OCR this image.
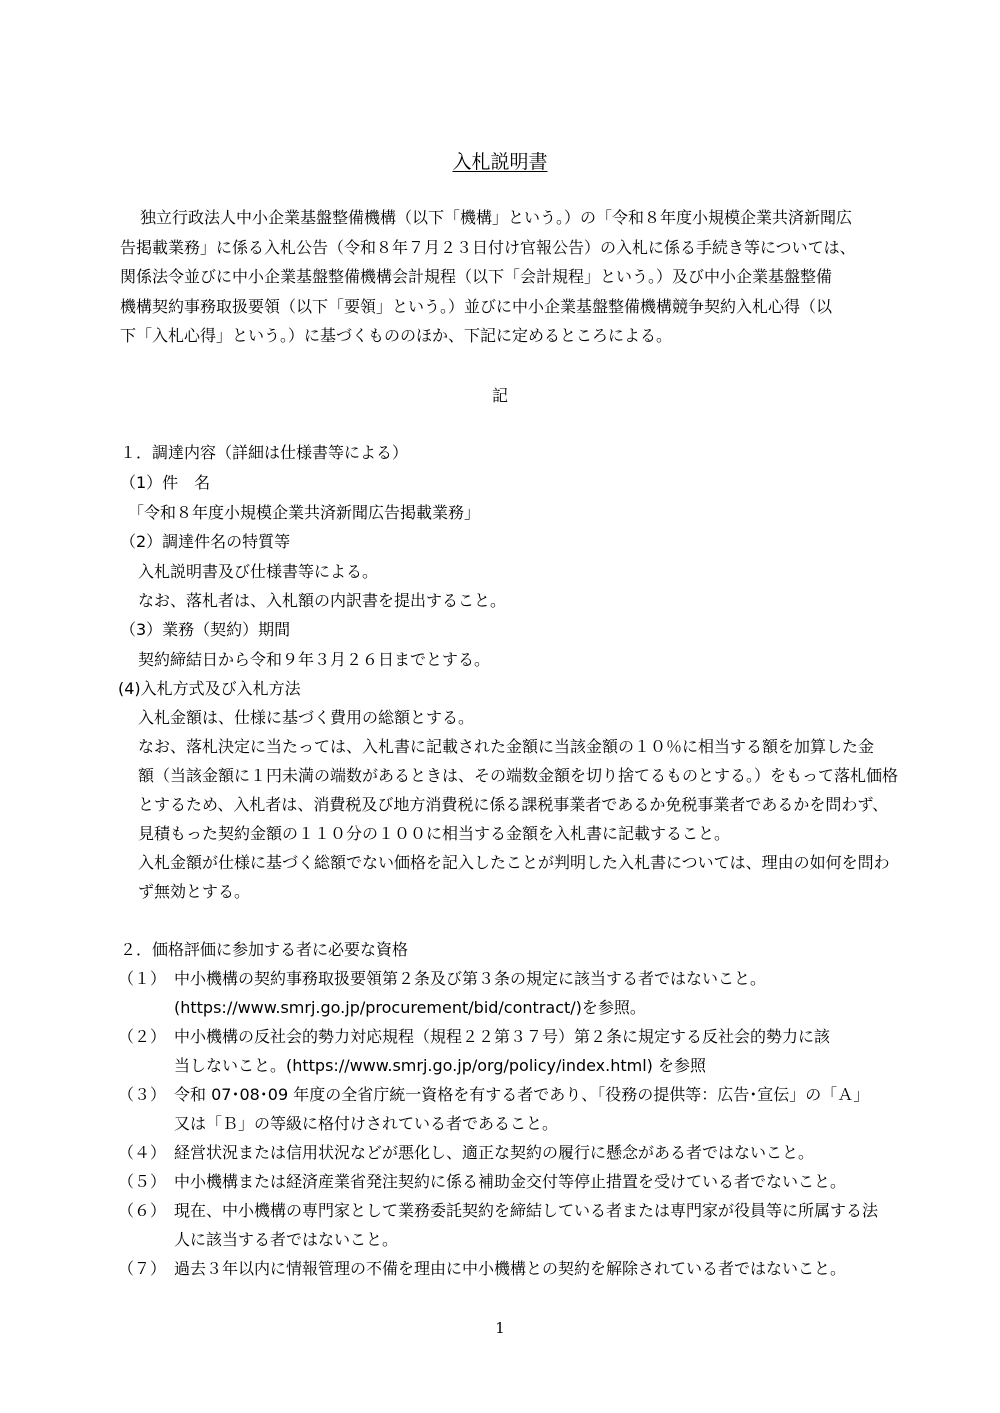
入札説明書
独立行政法人中小企業基盤整備機構（以下「機構」という。）の「令和８年度小規模企業共済新聞広
告掲載業務」に係る入札公告（令和８年７月２３日付け官報公告）の入札に係る手続き等については、
関係法令並びに中小企業基盤整備機構会計規程（以下「会計規程」という。）及び中小企業基盤整備
機構契約事務取扱要領（以下「要領」という。）並びに中小企業基盤整備機構競争契約入札心得（以
下「入札心得」という。）に基づくもののほか、下記に定めるところによる。
記
１．調達内容（詳細は仕様書等による）
（1）件　名
「令和８年度小規模企業共済新聞広告掲載業務」
（2）調達件名の特質等
入札説明書及び仕様書等による。
なお、落札者は、入札額の内訳書を提出すること。
（3）業務（契約）期間
契約締結日から令和９年３月２６日までとする。
(4)入札方式及び入札方法
入札金額は、仕様に基づく費用の総額とする。
なお、落札決定に当たっては、入札書に記載された金額に当該金額の１０％に相当する額を加算した金
額（当該金額に１円未満の端数があるときは、その端数金額を切り捨てるものとする。）をもって落札価格
とするため、入札者は、消費税及び地方消費税に係る課税事業者であるか免税事業者であるかを問わず、
見積もった契約金額の１１０分の１００に相当する金額を入札書に記載すること。
入札金額が仕様に基づく総額でない価格を記入したことが判明した入札書については、理由の如何を問わ
ず無効とする。
２．価格評価に参加する者に必要な資格
（１） 中小機構の契約事務取扱要領第２条及び第３条の規定に該当する者ではないこと。
(https://www.smrj.go.jp/procurement/bid/contract/)を参照。
（２） 中小機構の反社会的勢力対応規程（規程２２第３７号）第２条に規定する反社会的勢力に該
当しないこと。(https://www.smrj.go.jp/org/policy/index.html) を参照
（３） 令和 07･08･09 年度の全省庁統一資格を有する者であり、「役務の提供等：広告･宣伝」の「Ａ」
又は「Ｂ」の等級に格付けされている者であること。
（４） 経営状況または信用状況などが悪化し、適正な契約の履行に懸念がある者ではないこと。
（５） 中小機構または経済産業省発注契約に係る補助金交付等停止措置を受けている者でないこと。
（６） 現在、中小機構の専門家として業務委託契約を締結している者または専門家が役員等に所属する法
人に該当する者ではないこと。
（７） 過去３年以内に情報管理の不備を理由に中小機構との契約を解除されている者ではないこと。
1
